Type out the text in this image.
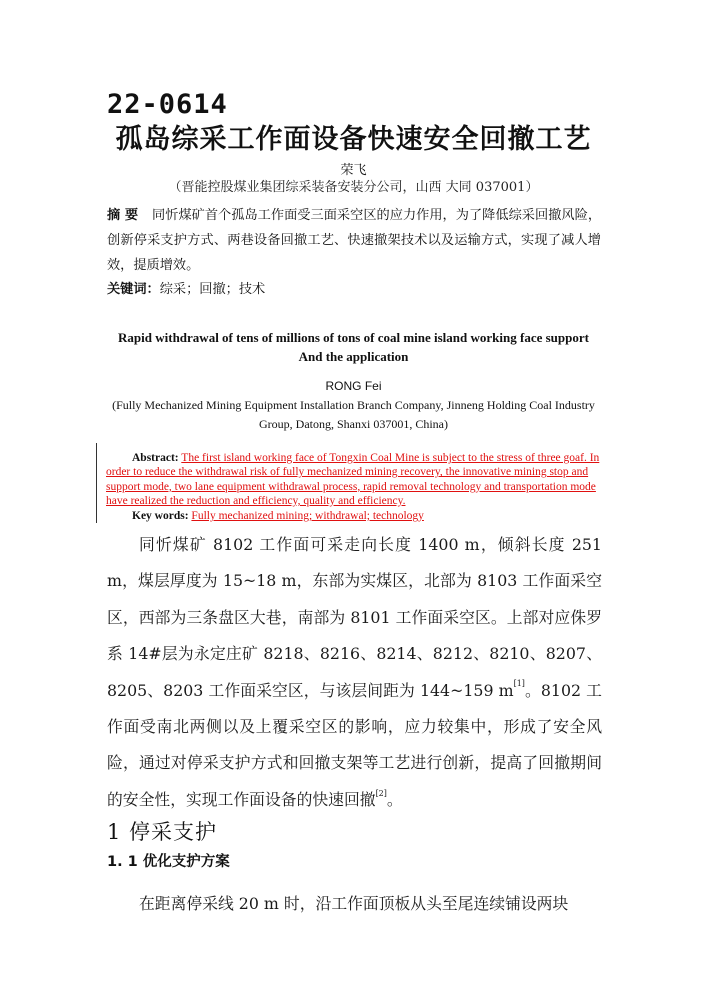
22-0614
孤岛综采工作面设备快速安全回撤工艺
荣飞
（晋能控股煤业集团综采装备安装分公司，山西 大同 037001）
摘 要 同忻煤矿首个孤岛工作面受三面采空区的应力作用，为了降低综采回撤风险，创新停采支护方式、两巷设备回撤工艺、快速撤架技术以及运输方式，实现了减人增效，提质增效。
关键词：综采；回撤；技术
Rapid withdrawal of tens of millions of tons of coal mine island working face support And the application
RONG Fei
(Fully Mechanized Mining Equipment Installation Branch Company, Jinneng Holding Coal Industry Group, Datong, Shanxi 037001, China)
Abstract: The first island working face of Tongxin Coal Mine is subject to the stress of three goaf. In order to reduce the withdrawal risk of fully mechanized mining recovery, the innovative mining stop and support mode, two lane equipment withdrawal process, rapid removal technology and transportation mode have realized the reduction and efficiency, quality and efficiency.
Key words: Fully mechanized mining; withdrawal; technology

同忻煤矿 8102 工作面可采走向长度 1400 m，倾斜长度 251 m，煤层厚度为 15~18 m，东部为实煤区，北部为 8103 工作面采空区，西部为三条盘区大巷，南部为 8101 工作面采空区。上部对应侏罗系 14#层为永定庄矿 8218、8216、8214、8212、8210、8207、8205、8203 工作面采空区，与该层间距为 144~159 m[1]。8102 工作面受南北两侧以及上覆采空区的影响，应力较集中，形成了安全风险，通过对停采支护方式和回撤支架等工艺进行创新，提高了回撤期间的安全性，实现工作面设备的快速回撤[2]。

1 停采支护
1. 1 优化支护方案
在距离停采线 20 m 时，沿工作面顶板从头至尾连续铺设两块
